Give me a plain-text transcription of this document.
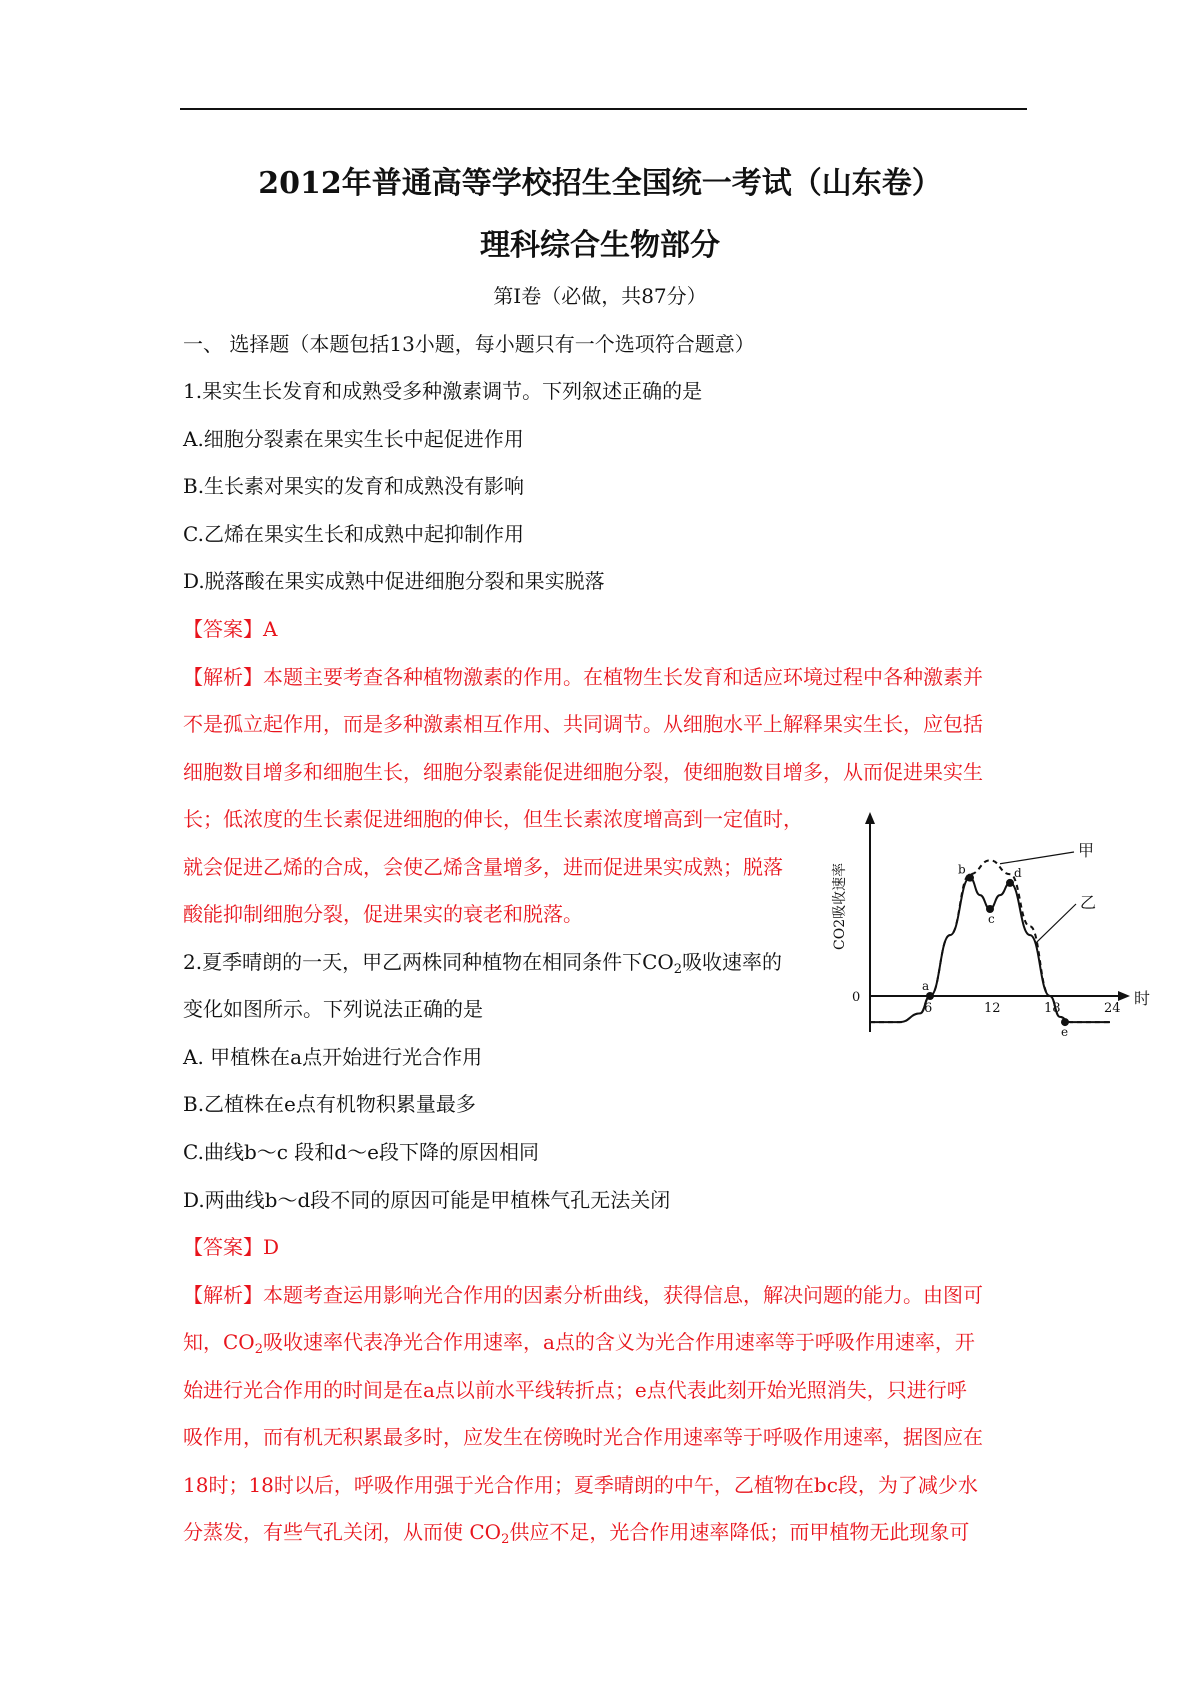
2012年普通高等学校招生全国统一考试（山东卷）
理科综合生物部分
第Ⅰ卷（必做，共87分）
一、 选择题（本题包括13小题，每小题只有一个选项符合题意）
1.果实生长发育和成熟受多种激素调节。下列叙述正确的是
A.细胞分裂素在果实生长中起促进作用
B.生长素对果实的发育和成熟没有影响
C.乙烯在果实生长和成熟中起抑制作用
D.脱落酸在果实成熟中促进细胞分裂和果实脱落
【答案】A
【解析】本题主要考查各种植物激素的作用。在植物生长发育和适应环境过程中各种激素并
不是孤立起作用，而是多种激素相互作用、共同调节。从细胞水平上解释果实生长，应包括
细胞数目增多和细胞生长，细胞分裂素能促进细胞分裂，使细胞数目增多，从而促进果实生
长；低浓度的生长素促进细胞的伸长，但生长素浓度增高到一定值时，
就会促进乙烯的合成，会使乙烯含量增多，进而促进果实成熟；脱落
酸能抑制细胞分裂，促进果实的衰老和脱落。
2.夏季晴朗的一天，甲乙两株同种植物在相同条件下$CO_2$吸收速率的
变化如图所示。下列说法正确的是
A. 甲植株在a点开始进行光合作用
B.乙植株在e点有机物积累量最多
C.曲线b～c 段和d～e段下降的原因相同
D.两曲线b～d段不同的原因可能是甲植株气孔无法关闭
【答案】D
【解析】本题考查运用影响光合作用的因素分析曲线，获得信息，解决问题的能力。由图可
知，$CO_2$吸收速率代表净光合作用速率，a点的含义为光合作用速率等于呼吸作用速率，开
始进行光合作用的时间是在a点以前水平线转折点；e点代表此刻开始光照消失，只进行呼
吸作用，而有机无积累最多时，应发生在傍晚时光合作用速率等于呼吸作用速率，据图应在
18时；18时以后，呼吸作用强于光合作用；夏季晴朗的中午，乙植物在bc段，为了减少水
分蒸发，有些气孔关闭，从而使 $CO_2$供应不足，光合作用速率降低；而甲植物无此现象可
CO2吸收速率
时
0
6	12	18	24
甲
乙
a
b
c
d
e
